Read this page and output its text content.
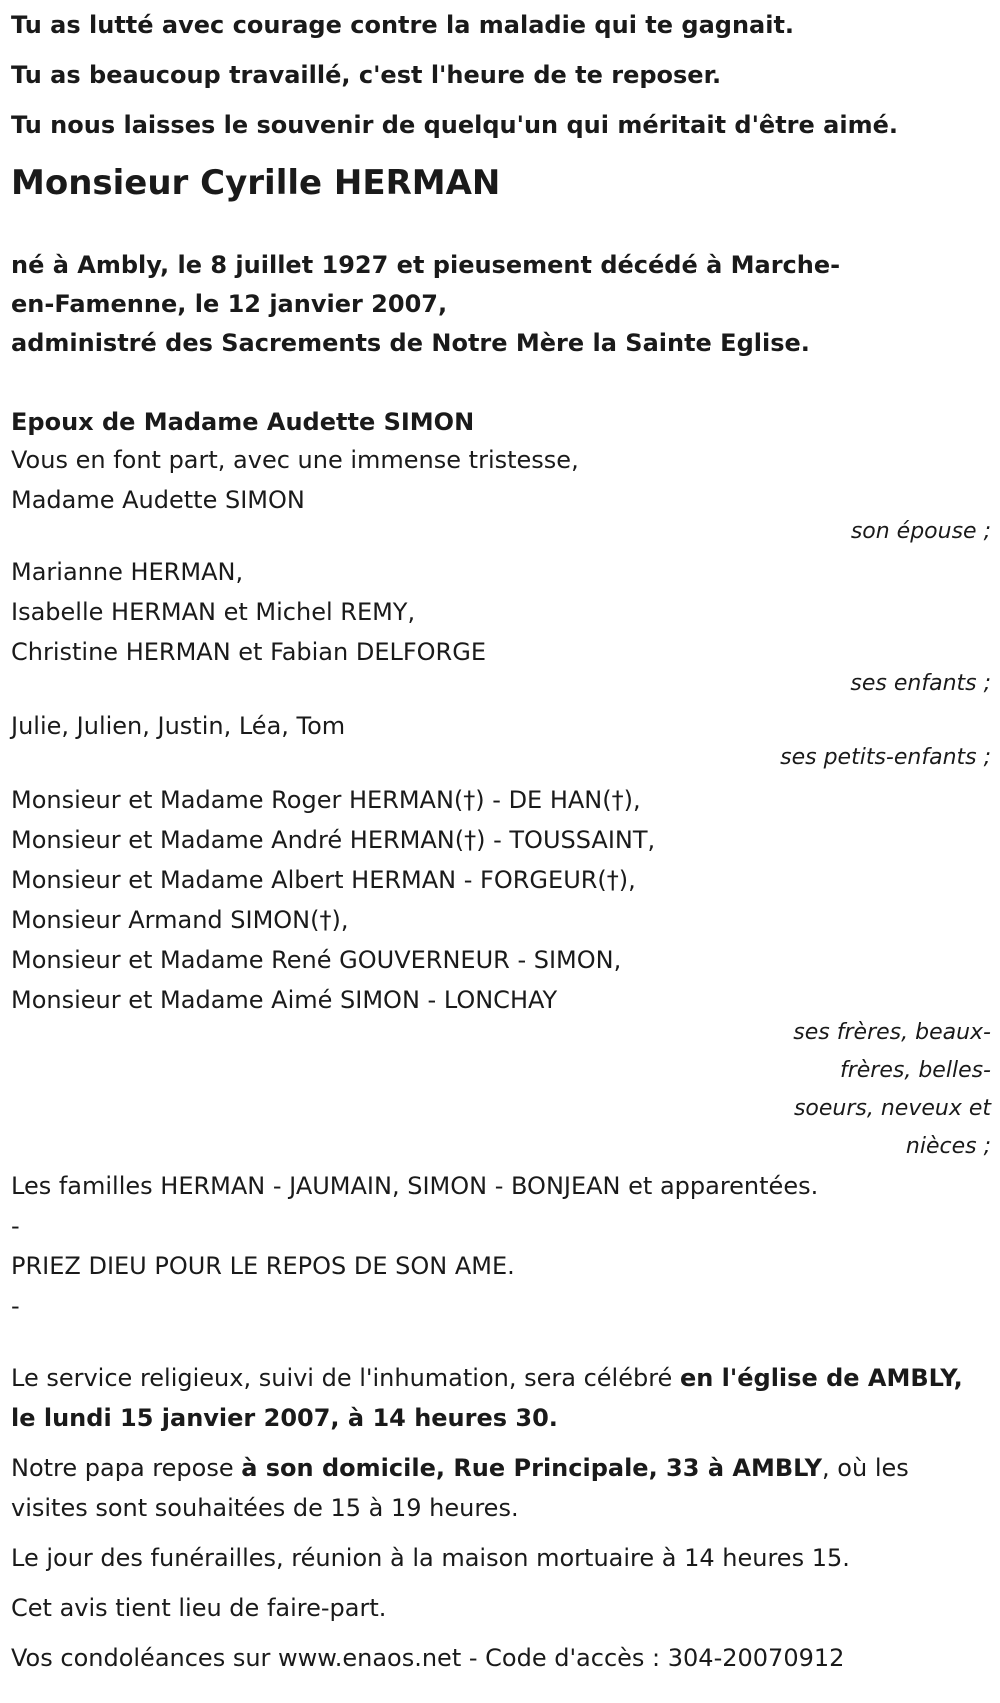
Tu as lutté avec courage contre la maladie qui te gagnait.
Tu as beaucoup travaillé, c'est l'heure de te reposer.
Tu nous laisses le souvenir de quelqu'un qui méritait d'être aimé.
Monsieur Cyrille HERMAN
né à Ambly, le 8 juillet 1927 et pieusement décédé à Marche-
en-Famenne, le 12 janvier 2007,
administré des Sacrements de Notre Mère la Sainte Eglise.
Epoux de Madame Audette SIMON
Vous en font part, avec une immense tristesse,
Madame Audette SIMON
son épouse ;
Marianne HERMAN,
Isabelle HERMAN et Michel REMY,
Christine HERMAN et Fabian DELFORGE
ses enfants ;
Julie, Julien, Justin, Léa, Tom
ses petits-enfants ;
Monsieur et Madame Roger HERMAN(†) - DE HAN(†),
Monsieur et Madame André HERMAN(†) - TOUSSAINT,
Monsieur et Madame Albert HERMAN - FORGEUR(†),
Monsieur Armand SIMON(†),
Monsieur et Madame René GOUVERNEUR - SIMON,
Monsieur et Madame Aimé SIMON - LONCHAY
ses frères, beaux-
frères, belles-
soeurs, neveux et
nièces ;
Les familles HERMAN - JAUMAIN, SIMON - BONJEAN et apparentées.
-
PRIEZ DIEU POUR LE REPOS DE SON AME.
-
Le service religieux, suivi de l'inhumation, sera célébré en l'église de AMBLY, le lundi 15 janvier 2007, à 14 heures 30.
Notre papa repose à son domicile, Rue Principale, 33 à AMBLY, où les visites sont souhaitées de 15 à 19 heures.
Le jour des funérailles, réunion à la maison mortuaire à 14 heures 15.
Cet avis tient lieu de faire-part.
Vos condoléances sur www.enaos.net - Code d'accès : 304-20070912
